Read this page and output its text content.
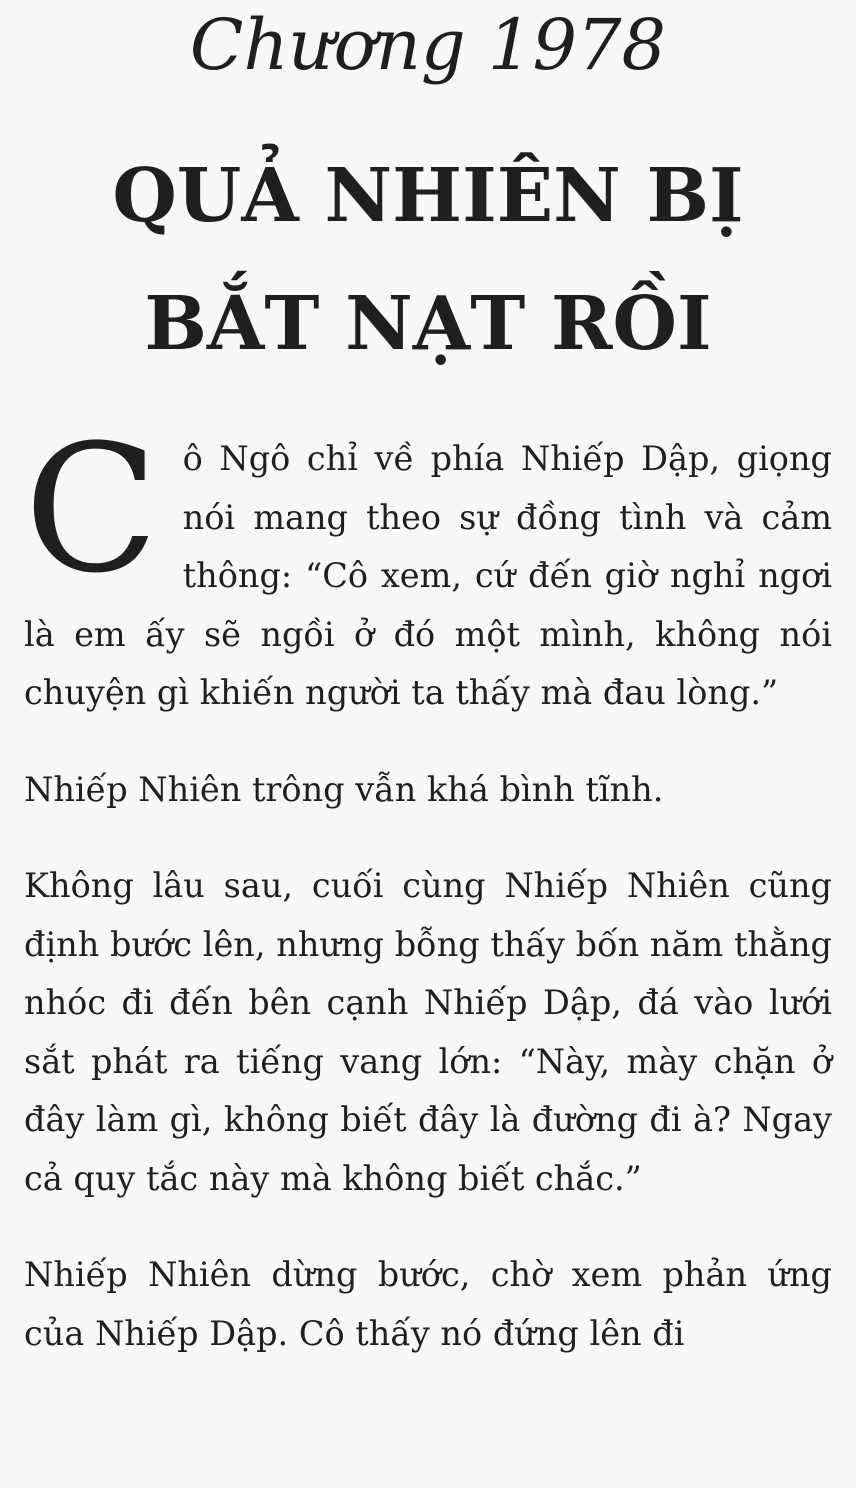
Chương 1978
QUẢ NHIÊN BỊ BẮT NẠT RỒI

Cô Ngô chỉ về phía Nhiếp Dập, giọng nói mang theo sự đồng tình và cảm thông: “Cô xem, cứ đến giờ nghỉ ngơi là em ấy sẽ ngồi ở đó một mình, không nói chuyện gì khiến người ta thấy mà đau lòng.”

Nhiếp Nhiên trông vẫn khá bình tĩnh.

Không lâu sau, cuối cùng Nhiếp Nhiên cũng định bước lên, nhưng bỗng thấy bốn năm thằng nhóc đi đến bên cạnh Nhiếp Dập, đá vào lưới sắt phát ra tiếng vang lớn: “Này, mày chặn ở đây làm gì, không biết đây là đường đi à? Ngay cả quy tắc này mà không biết chắc.”

Nhiếp Nhiên dừng bước, chờ xem phản ứng của Nhiếp Dập. Cô thấy nó đứng lên đi
